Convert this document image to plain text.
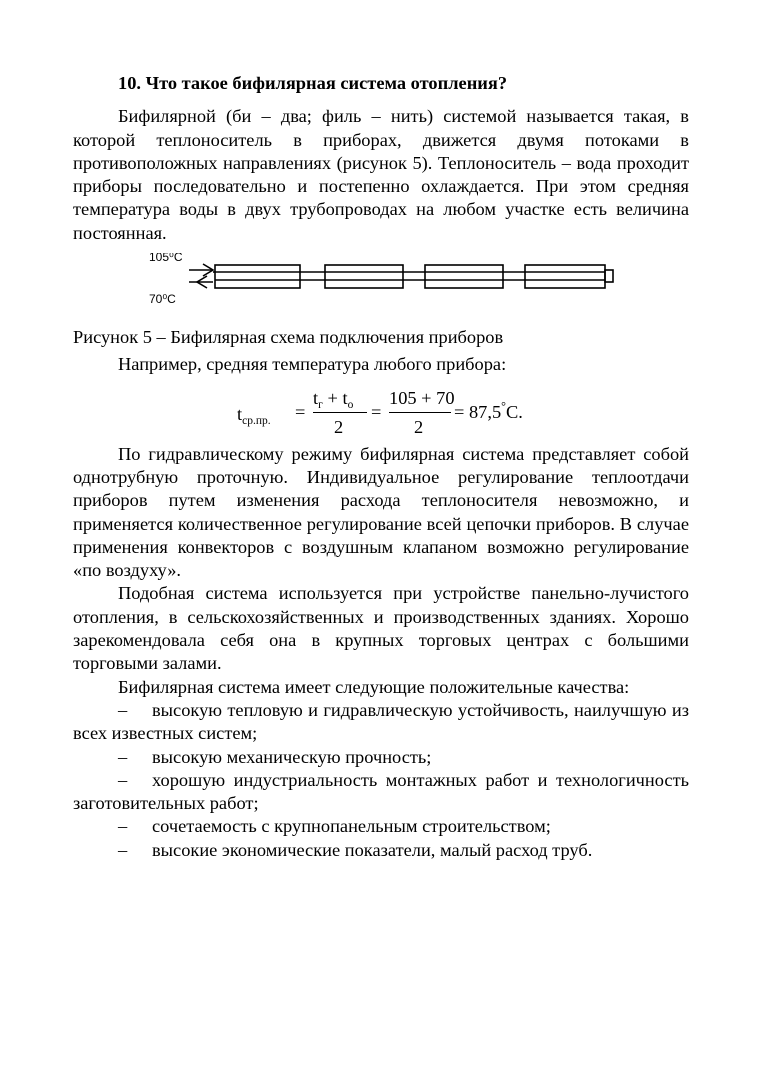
10. Что такое бифилярная система отопления?

Бифилярной (би – два; филь – нить) системой называется такая, в которой теплоноситель в приборах, движется двумя потоками в противоположных направлениях (рисунок 5). Теплоноситель – вода проходит приборы последовательно и постепенно охлаждается. При этом средняя температура воды в двух трубопроводах на любом участке есть величина постоянная.

105⁰С
70⁰С

Рисунок 5 – Бифилярная схема подключения приборов

Например, средняя температура любого прибора:

$t_{ср.пр.}$ =
$t_г + t_о$
2
=
105 + 70
2
= 87,5°C.

По гидравлическому режиму бифилярная система представляет собой однотрубную проточную. Индивидуальное регулирование теплоотдачи приборов путем изменения расхода теплоносителя невозможно, и применяется количественное регулирование всей цепочки приборов. В случае применения конвекторов с воздушным клапаном возможно регулирование «по воздуху».

Подобная система используется при устройстве панельно-лучистого отопления, в сельскохозяйственных и производственных зданиях. Хорошо зарекомендовала себя она в крупных торговых центрах с большими торговыми залами.

Бифилярная система имеет следующие положительные качества:

– высокую тепловую и гидравлическую устойчивость, наилучшую из всех известных систем;

– высокую механическую прочность;

– хорошую индустриальность монтажных работ и технологичность заготовительных работ;

– сочетаемость с крупнопанельным строительством;

– высокие экономические показатели, малый расход труб.
